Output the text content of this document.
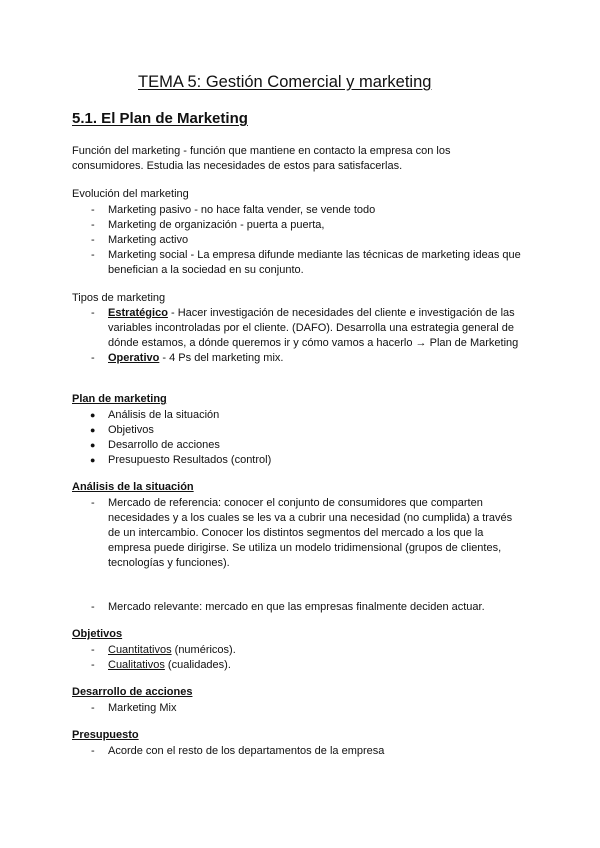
TEMA 5: Gestión Comercial y marketing
5.1. El Plan de Marketing
Función del marketing - función que mantiene en contacto la empresa con los
consumidores. Estudia las necesidades de estos para satisfacerlas.
Evolución del marketing
- Marketing pasivo - no hace falta vender, se vende todo
- Marketing de organización - puerta a puerta,
- Marketing activo
- Marketing social - La empresa difunde mediante las técnicas de marketing ideas que
benefician a la sociedad en su conjunto.
Tipos de marketing
- Estratégico - Hacer investigación de necesidades del cliente e investigación de las
variables incontroladas por el cliente. (DAFO). Desarrolla una estrategia general de
dónde estamos, a dónde queremos ir y cómo vamos a hacerlo → Plan de Marketing
- Operativo - 4 Ps del marketing mix.
Plan de marketing
● Análisis de la situación
● Objetivos
● Desarrollo de acciones
● Presupuesto Resultados (control)
Análisis de la situación
- Mercado de referencia: conocer el conjunto de consumidores que comparten
necesidades y a los cuales se les va a cubrir una necesidad (no cumplida) a través
de un intercambio. Conocer los distintos segmentos del mercado a los que la
empresa puede dirigirse. Se utiliza un modelo tridimensional (grupos de clientes,
tecnologías y funciones).
- Mercado relevante: mercado en que las empresas finalmente deciden actuar.
Objetivos
- Cuantitativos (numéricos).
- Cualitativos (cualidades).
Desarrollo de acciones
- Marketing Mix
Presupuesto
- Acorde con el resto de los departamentos de la empresa
